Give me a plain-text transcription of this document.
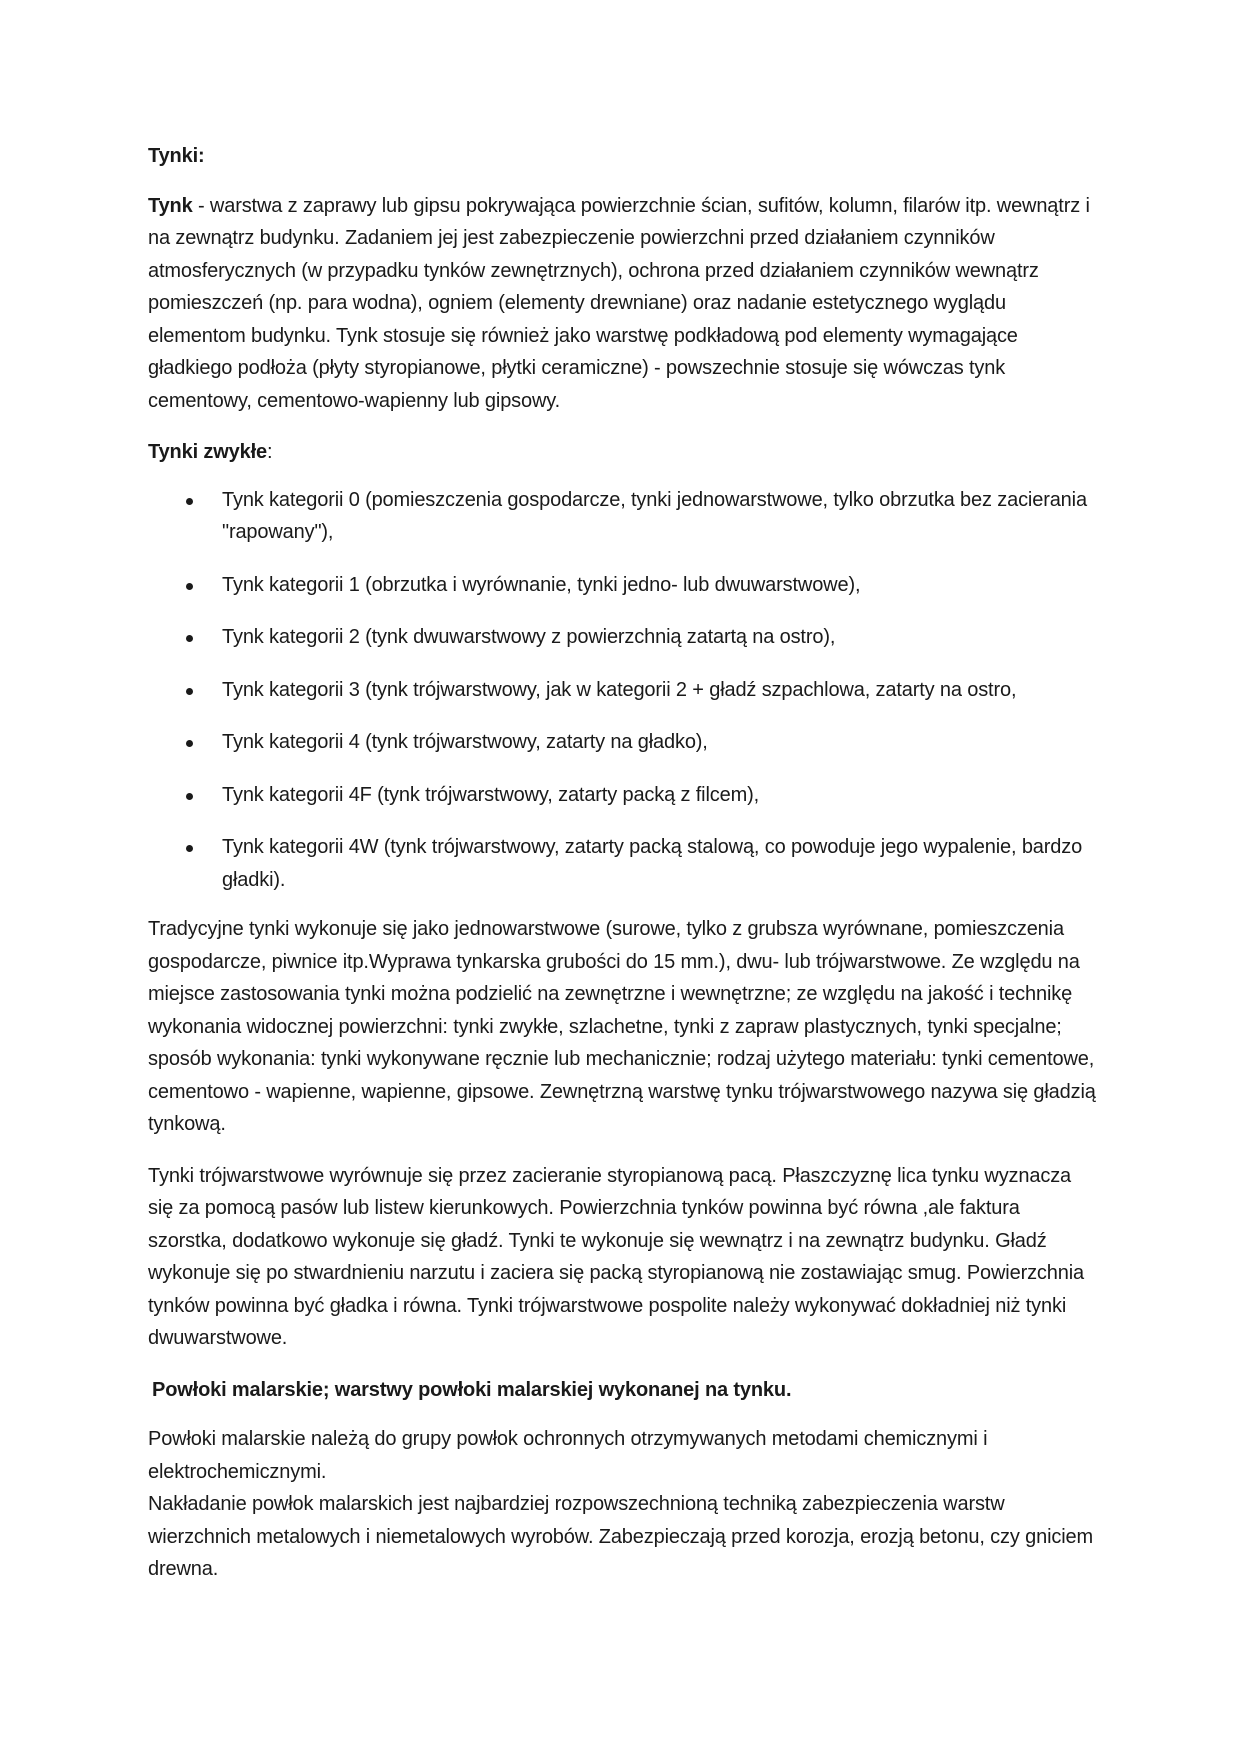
Tynki:

Tynk - warstwa z zaprawy lub gipsu pokrywająca powierzchnie ścian, sufitów, kolumn, filarów itp. wewnątrz i na zewnątrz budynku. Zadaniem jej jest zabezpieczenie powierzchni przed działaniem czynników atmosferycznych (w przypadku tynków zewnętrznych), ochrona przed działaniem czynników wewnątrz pomieszczeń (np. para wodna), ogniem (elementy drewniane) oraz nadanie estetycznego wyglądu elementom budynku. Tynk stosuje się również jako warstwę podkładową pod elementy wymagające gładkiego podłoża (płyty styropianowe, płytki ceramiczne) - powszechnie stosuje się wówczas tynk cementowy, cementowo-wapienny lub gipsowy.

Tynki zwykłe:

Tynk kategorii 0 (pomieszczenia gospodarcze, tynki jednowarstwowe, tylko obrzutka bez zacierania "rapowany"),
Tynk kategorii 1 (obrzutka i wyrównanie, tynki jedno- lub dwuwarstwowe),
Tynk kategorii 2 (tynk dwuwarstwowy z powierzchnią zatartą na ostro),
Tynk kategorii 3 (tynk trójwarstwowy, jak w kategorii 2 + gładź szpachlowa, zatarty na ostro,
Tynk kategorii 4 (tynk trójwarstwowy, zatarty na gładko),
Tynk kategorii 4F (tynk trójwarstwowy, zatarty packą z filcem),
Tynk kategorii 4W (tynk trójwarstwowy, zatarty packą stalową, co powoduje jego wypalenie, bardzo gładki).

Tradycyjne tynki wykonuje się jako jednowarstwowe (surowe, tylko z grubsza wyrównane, pomieszczenia gospodarcze, piwnice itp.Wyprawa tynkarska grubości do 15 mm.), dwu- lub trójwarstwowe. Ze względu na miejsce zastosowania tynki można podzielić na zewnętrzne i wewnętrzne; ze względu na jakość i technikę wykonania widocznej powierzchni: tynki zwykłe, szlachetne, tynki z zapraw plastycznych, tynki specjalne; sposób wykonania: tynki wykonywane ręcznie lub mechanicznie; rodzaj użytego materiału: tynki cementowe, cementowo - wapienne, wapienne, gipsowe. Zewnętrzną warstwę tynku trójwarstwowego nazywa się gładzią tynkową.

Tynki trójwarstwowe wyrównuje się przez zacieranie styropianową pacą. Płaszczyznę lica tynku wyznacza się za pomocą pasów lub listew kierunkowych. Powierzchnia tynków powinna być równa ,ale faktura szorstka, dodatkowo wykonuje się gładź. Tynki te wykonuje się wewnątrz i na zewnątrz budynku. Gładź wykonuje się po stwardnieniu narzutu i zaciera się packą styropianową nie zostawiając smug. Powierzchnia tynków powinna być gładka i równa. Tynki trójwarstwowe pospolite należy wykonywać dokładniej niż tynki dwuwarstwowe.

Powłoki malarskie; warstwy powłoki malarskiej wykonanej na tynku.

Powłoki malarskie należą do grupy powłok ochronnych otrzymywanych metodami chemicznymi i elektrochemicznymi.

Nakładanie powłok malarskich jest najbardziej rozpowszechnioną techniką zabezpieczenia warstw wierzchnich metalowych i niemetalowych wyrobów. Zabezpieczają przed korozja, erozją betonu, czy gniciem drewna.
